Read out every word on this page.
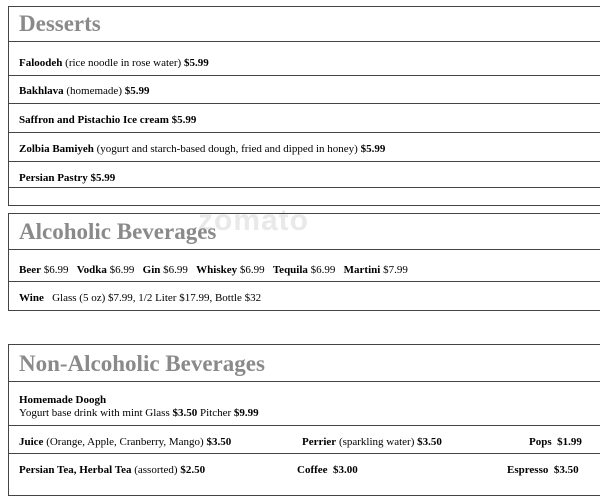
zomato
Desserts
Faloodeh (rice noodle in rose water) $5.99
Bakhlava (homemade) $5.99
Saffron and Pistachio Ice cream $5.99
Zolbia Bamiyeh (yogurt and starch-based dough, fried and dipped in honey) $5.99
Persian Pastry $5.99
Alcoholic Beverages
Beer $6.99 Vodka $6.99 Gin $6.99 Whiskey $6.99 Tequila $6.99 Martini $7.99
Wine Glass (5 oz) $7.99, 1/2 Liter $17.99, Bottle $32
Non-Alcoholic Beverages
Homemade Doogh
Yogurt base drink with mint Glass $3.50 Pitcher $9.99
Juice (Orange, Apple, Cranberry, Mango) $3.50	Perrier (sparkling water) $3.50	Pops $1.99
Persian Tea, Herbal Tea (assorted) $2.50	Coffee $3.00	Espresso $3.50
